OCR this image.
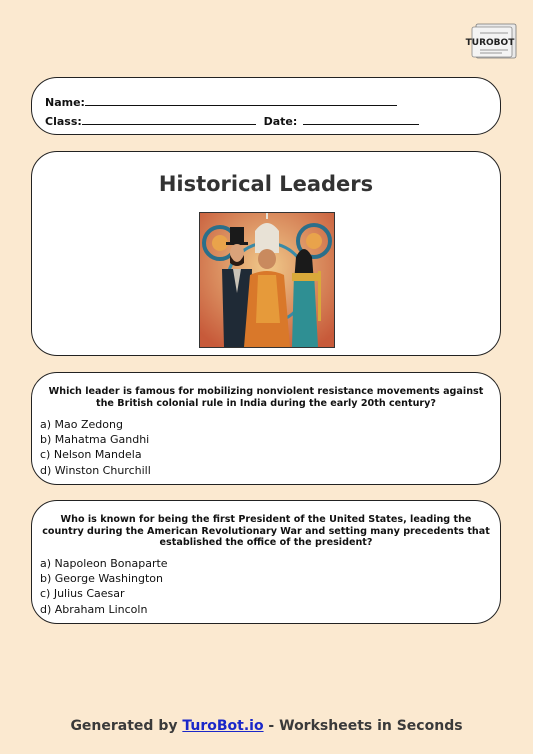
TUROBOT
Name:
Class:	Date:
Historical Leaders
Which leader is famous for mobilizing nonviolent resistance movements against the British colonial rule in India during the early 20th century?
a) Mao Zedong
b) Mahatma Gandhi
c) Nelson Mandela
d) Winston Churchill
Who is known for being the first President of the United States, leading the country during the American Revolutionary War and setting many precedents that established the office of the president?
a) Napoleon Bonaparte
b) George Washington
c) Julius Caesar
d) Abraham Lincoln
Generated by TuroBot.io - Worksheets in Seconds
